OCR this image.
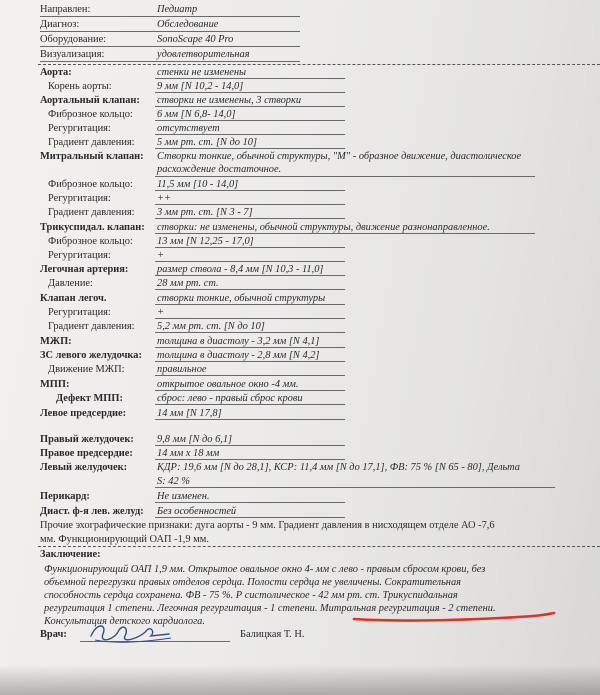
Направлен:	Педиатр
Диагноз:	Обследование
Оборудование:	SonoScape 40 Pro
Визуализация:	удовлетворительная
Аорта:	стенки не изменены
Корень аорты:	9 мм [N 10,2 - 14,0]
Аортальный клапан: створки не изменены, 3 створки
Фиброзное кольцо: 6 мм [N 6,8- 14,0]
Регургитация:	отсутствует
Градиент давления: 5 мм рт. ст. [N до 10]
Митральный клапан: Створки тонкие, обычной структуры, "М" - образное движение, диастолическое
расхождение достаточное.
Фиброзное кольцо: 11,5 мм [10 - 14,0]
Регургитация:	++
Градиент давления: 3 мм рт. ст. [N 3 - 7]
Трикуспидал. клапан: створки: не изменены, обычной структуры, движение разнонаправленное.
Фиброзное кольцо: 13 мм [N 12,25 - 17,0]
Регургитация:	+
Легочная артерия:	размер ствола - 8,4 мм [N 10,3 - 11,0]
Давление:	28 мм рт. ст.
Клапан легоч.	створки тонкие, обычной структуры
Регургитация:	+
Градиент давления: 5,2 мм рт. ст. [N до 10]
МЖП:	толщина в диастолу - 3,2 мм [N 4,1]
ЗС левого желудочка: толщина в диастолу - 2,8 мм [N 4,2]
Движение МЖП:	правильное
МПП:	открытое овальное окно -4 мм.
Дефект МПП:	сброс: лево - правый сброс крови
Левое предсердие:	14 мм [N 17,8]
Правый желудочек: 9,8 мм [N до 6,1]
Правое предсердие: 14 мм x 18 мм
Левый желудочек:	КДР: 19,6 мм [N до 28,1], КСР: 11,4 мм [N до 17,1], ФВ: 75 % [N 65 - 80], Дельта
S: 42 %
Перикард:	Не изменен.
Диаст. ф-я лев. желуд: Без особенностей
Прочие эхографические признаки: дуга аорты - 9 мм. Градиент давления в нисходящем отделе АО -7,6
мм. Функционирующий ОАП -1,9 мм.
Заключение:
Функционирующий ОАП 1,9 мм. Открытое овальное окно 4- мм с лево - правым сбросом крови, без
объемной перегрузки правых отделов сердца. Полости сердца не увеличены. Сократительная
способность сердца сохранена. ФВ - 75 %. Р систолическое - 42 мм рт. ст. Трикуспидальная
регургитация 1 степени. Легочная регургитация - 1 степени. Митральная регургитация - 2 степени.
Консультация детского кардиолога.
Врач:	Балицкая Т. Н.
